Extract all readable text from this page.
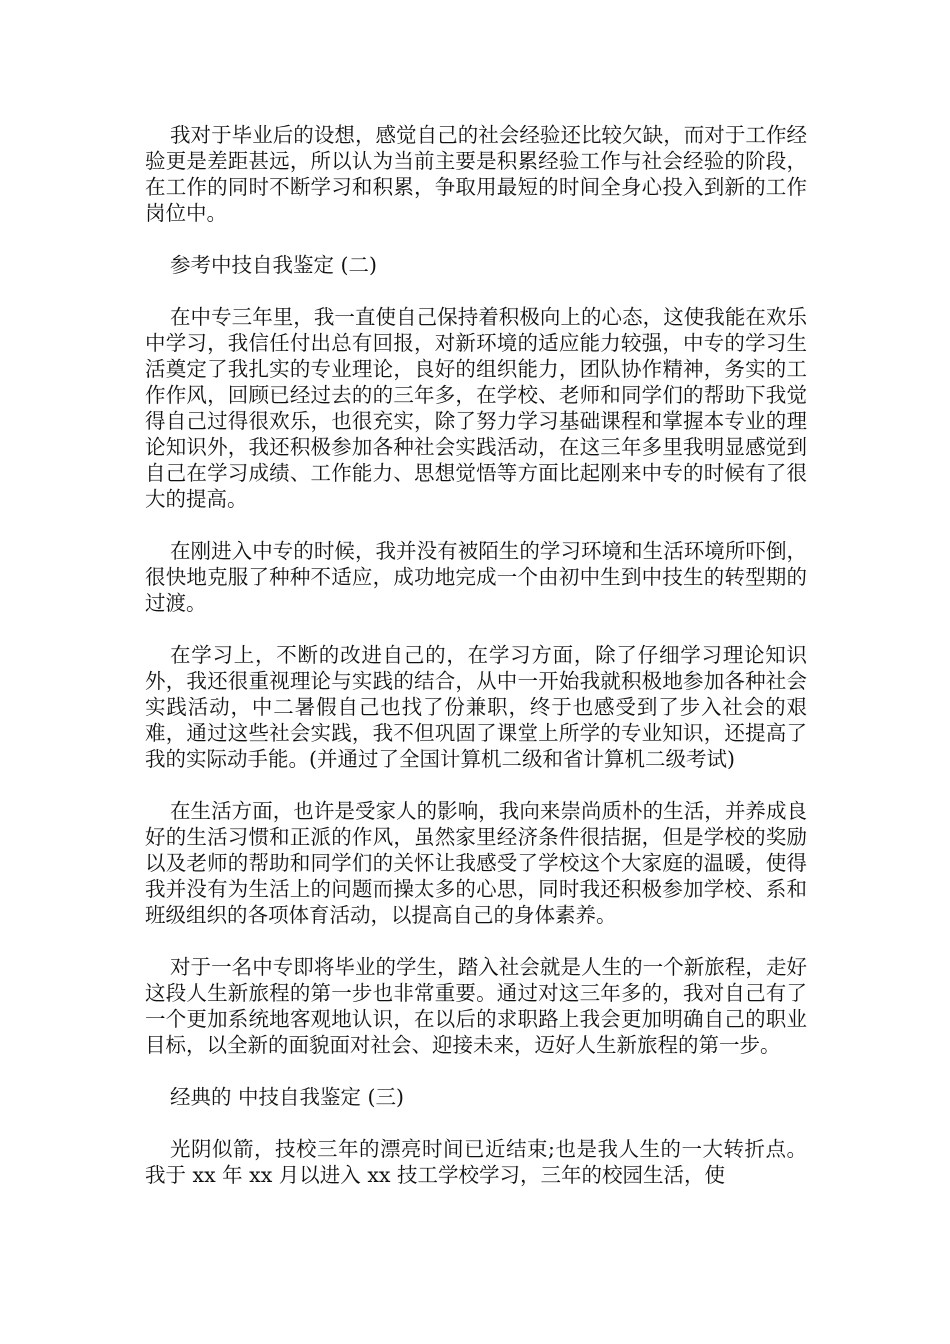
我对于毕业后的设想，感觉自己的社会经验还比较欠缺，而对于工作经验更是差距甚远，所以认为当前主要是积累经验工作与社会经验的阶段，在工作的同时不断学习和积累，争取用最短的时间全身心投入到新的工作岗位中。

参考中技自我鉴定 (二)

在中专三年里，我一直使自己保持着积极向上的心态，这使我能在欢乐中学习，我信任付出总有回报，对新环境的适应能力较强，中专的学习生活奠定了我扎实的专业理论，良好的组织能力，团队协作精神，务实的工作作风，回顾已经过去的的三年多，在学校、老师和同学们的帮助下我觉得自己过得很欢乐，也很充实，除了努力学习基础课程和掌握本专业的理论知识外，我还积极参加各种社会实践活动，在这三年多里我明显感觉到自己在学习成绩、工作能力、思想觉悟等方面比起刚来中专的时候有了很大的提高。

在刚进入中专的时候，我并没有被陌生的学习环境和生活环境所吓倒，很快地克服了种种不适应，成功地完成一个由初中生到中技生的转型期的过渡。

在学习上，不断的改进自己的，在学习方面，除了仔细学习理论知识外，我还很重视理论与实践的结合，从中一开始我就积极地参加各种社会实践活动，中二暑假自己也找了份兼职，终于也感受到了步入社会的艰难，通过这些社会实践，我不但巩固了课堂上所学的专业知识，还提高了我的实际动手能。(并通过了全国计算机二级和省计算机二级考试)

在生活方面，也许是受家人的影响，我向来崇尚质朴的生活，并养成良好的生活习惯和正派的作风，虽然家里经济条件很拮据，但是学校的奖励以及老师的帮助和同学们的关怀让我感受了学校这个大家庭的温暖，使得我并没有为生活上的问题而操太多的心思，同时我还积极参加学校、系和班级组织的各项体育活动，以提高自己的身体素养。

对于一名中专即将毕业的学生，踏入社会就是人生的一个新旅程，走好这段人生新旅程的第一步也非常重要。通过对这三年多的，我对自己有了一个更加系统地客观地认识，在以后的求职路上我会更加明确自己的职业目标，以全新的面貌面对社会、迎接未来，迈好人生新旅程的第一步。

经典的 中技自我鉴定 (三)

光阴似箭，技校三年的漂亮时间已近结束;也是我人生的一大转折点。我于 xx 年 xx 月以进入 xx 技工学校学习，三年的校园生活，使
